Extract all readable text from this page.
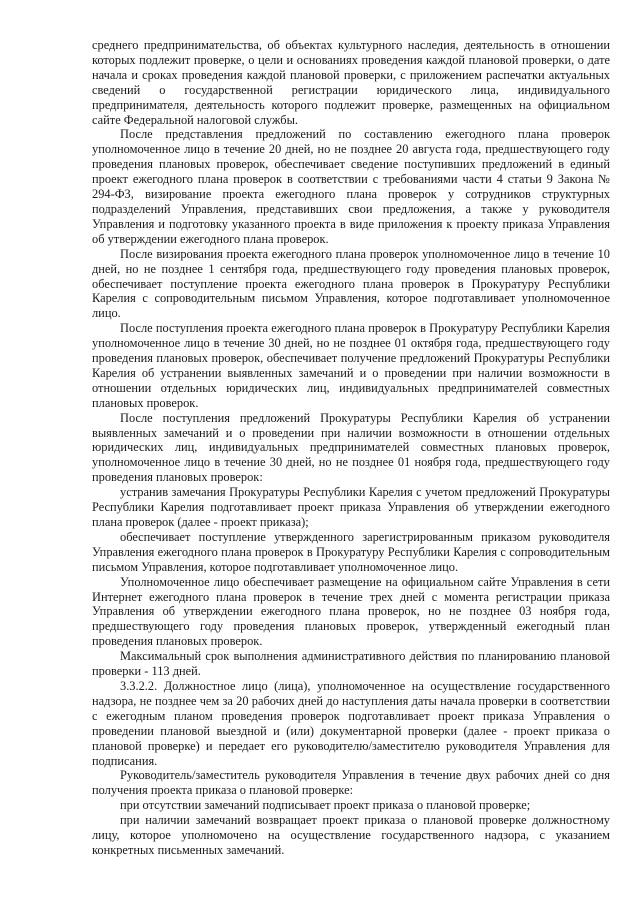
среднего предпринимательства, об объектах культурного наследия, деятельность в отношении которых подлежит проверке, о цели и основаниях проведения каждой плановой проверки, о дате начала и сроках проведения каждой плановой проверки, с приложением распечатки актуальных сведений о государственной регистрации юридического лица, индивидуального предпринимателя, деятельность которого подлежит проверке, размещенных на официальном сайте Федеральной налоговой службы.

После представления предложений по составлению ежегодного плана проверок уполномоченное лицо в течение 20 дней, но не позднее 20 августа года, предшествующего году проведения плановых проверок, обеспечивает сведение поступивших предложений в единый проект ежегодного плана проверок в соответствии с требованиями части 4 статьи 9 Закона № 294-ФЗ, визирование проекта ежегодного плана проверок у сотрудников структурных подразделений Управления, представивших свои предложения, а также у руководителя Управления и подготовку указанного проекта в виде приложения к проекту приказа Управления об утверждении ежегодного плана проверок.

После визирования проекта ежегодного плана проверок уполномоченное лицо в течение 10 дней, но не позднее 1 сентября года, предшествующего году проведения плановых проверок, обеспечивает поступление проекта ежегодного плана проверок в Прокуратуру Республики Карелия с сопроводительным письмом Управления, которое подготавливает уполномоченное лицо.

После поступления проекта ежегодного плана проверок в Прокуратуру Республики Карелия уполномоченное лицо в течение 30 дней, но не позднее 01 октября года, предшествующего году проведения плановых проверок, обеспечивает получение предложений Прокуратуры Республики Карелия об устранении выявленных замечаний и о проведении при наличии возможности в отношении отдельных юридических лиц, индивидуальных предпринимателей совместных плановых проверок.

После поступления предложений Прокуратуры Республики Карелия об устранении выявленных замечаний и о проведении при наличии возможности в отношении отдельных юридических лиц, индивидуальных предпринимателей совместных плановых проверок, уполномоченное лицо в течение 30 дней, но не позднее 01 ноября года, предшествующего году проведения плановых проверок:

устранив замечания Прокуратуры Республики Карелия с учетом предложений Прокуратуры Республики Карелия подготавливает проект приказа Управления об утверждении ежегодного плана проверок (далее - проект приказа);

обеспечивает поступление утвержденного зарегистрированным приказом руководителя Управления ежегодного плана проверок в Прокуратуру Республики Карелия с сопроводительным письмом Управления, которое подготавливает уполномоченное лицо.

Уполномоченное лицо обеспечивает размещение на официальном сайте Управления в сети Интернет ежегодного плана проверок в течение трех дней с момента регистрации приказа Управления об утверждении ежегодного плана проверок, но не позднее 03 ноября года, предшествующего году проведения плановых проверок, утвержденный ежегодный план проведения плановых проверок.

Максимальный срок выполнения административного действия по планированию плановой проверки - 113 дней.

3.3.2.2. Должностное лицо (лица), уполномоченное на осуществление государственного надзора, не позднее чем за 20 рабочих дней до наступления даты начала проверки в соответствии с ежегодным планом проведения проверок подготавливает проект приказа Управления о проведении плановой выездной и (или) документарной проверки (далее - проект приказа о плановой проверке) и передает его руководителю/заместителю руководителя Управления для подписания.

Руководитель/заместитель руководителя Управления в течение двух рабочих дней со дня получения проекта приказа о плановой проверке:

при отсутствии замечаний подписывает проект приказа о плановой проверке;

при наличии замечаний возвращает проект приказа о плановой проверке должностному лицу, которое уполномочено на осуществление государственного надзора, с указанием конкретных письменных замечаний.
